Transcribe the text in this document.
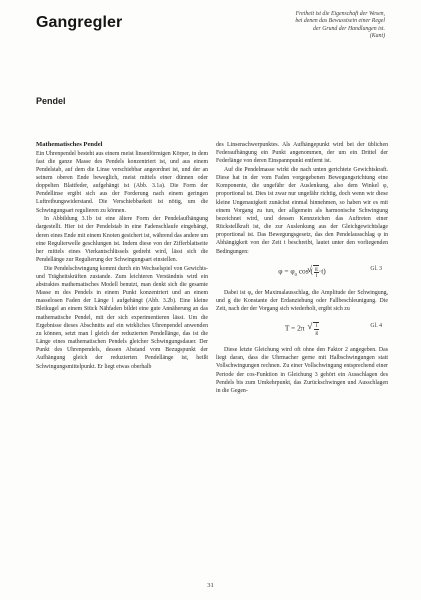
Gangregler	Freiheit ist die Eigenschaft der Wesen,
bei denen das Bewusstsein einer Regel
der Grund der Handlungen ist.
(Kant)
Pendel
Mathematisches Pendel

Ein Uhrenpendel besteht aus einem meist linsenförmigen Körper, in dem fast die ganze Masse des Pendels konzentriert ist, und aus einem Pendelstab, auf dem die Linse verschiebbar angeordnet ist, und der an seinem oberen Ende beweglich, meist mittels einer dünnen oder doppelten Blattfeder, aufgehängt ist (Abb. 3.1a). Die Form der Pendellinse ergibt sich aus der Forderung nach einem geringen Luftreibungswiderstand. Die Verschiebbarkeit ist nötig, um die Schwingungsart regulieren zu können.

In Abbildung 3.1b ist eine ältere Form der Pendelaufhängung dargestellt. Hier ist der Pendelstab in eine Fadenschlaufe eingehängt, deren eines Ende mit einem Knoten gesichert ist, während das andere um eine Regulierwelle geschlungen ist. Indem diese von der Zifferblattseite her mittels eines Vierkantschlüssels gedreht wird, lässt sich die Pendellänge zur Regulierung der Schwingungsart einstellen.

Die Pendelschwingung kommt durch ein Wechselspiel von Gewichts- und Trägheitskräften zustande. Zum leichteren Verständnis wird ein abstraktes mathematisches Modell benutzt, man denkt sich die gesamte Masse m des Pendels in einem Punkt konzentriert und an einem masselosen Faden der Länge l aufgehängt (Abb. 3.2b). Eine kleine Bleikugel an einem Stück Nähfaden bildet eine gute Annäherung an das mathematische Pendel, mit der sich experimentieren lässt. Um die Ergebnisse dieses Abschnitts auf ein wirkliches Uhrenpendel anwenden zu können, setzt man l gleich der reduzierten Pendellänge, das ist die Länge eines mathematischen Pendels gleicher Schwingungsdauer. Der Punkt des Uhrenpendels, dessen Abstand vom Bezugspunkt der Aufhängung gleich der reduzierten Pendellänge ist, heißt Schwingungsmittelpunkt. Er liegt etwas oberhalb

des Linsenschwerpunktes. Als Aufhängepunkt wird bei der üblichen Federaufhängung ein Punkt angenommen, der um ein Drittel der Federlänge von deren Einspannpunkt entfernt ist.

Auf die Pendelmasse wirkt die nach unten gerichtete Gewichtskraft. Diese hat in der vom Faden vorgegebenen Bewegungsrichtung eine Komponente, die ungefähr der Auslenkung, also dem Winkel φ, proportional ist. Dies ist zwar nur ungefähr richtig, doch wenn wir diese kleine Ungenauigkeit zunächst einmal hinnehmen, so haben wir es mit einem Vorgang zu tun, der allgemein als harmonische Schwingung bezeichnet wird, und dessen Kennzeichen das Auftreten einer Rückstellkraft ist, die zur Auslenkung aus der Gleichgewichtslage proportional ist. Das Bewegungsgesetz, das den Pendelausschlag φ in Abhängigkeit von der Zeit t beschreibt, lautet unter den vorliegenden Bedingungen:

$\varphi = \varphi_0$ cos ( √ $\frac{g}{l} \cdot t$)	Gl. 3

Dabei ist φ₀ der Maximalausschlag, die Amplitude der Schwingung, und g die Konstante der Erdanziehung oder Fallbeschleunigung. Die Zeit, nach der der Vorgang sich wiederholt, ergibt sich zu

T = 2π √ $\frac{l}{g}$	Gl. 4

Diese letzte Gleichung wird oft ohne den Faktor 2 angegeben. Das liegt daran, dass die Uhrmacher gerne mit Halbschwingungen statt Vollschwingungen rechnen. Zu einer Vollschwingung entsprechend einer Periode der cos-Funktion in Gleichung 3 gehört ein Ausschlagen des Pendels bis zum Umkehrpunkt, das Zurückschwingen und Ausschlagen in die Gegen-

31
